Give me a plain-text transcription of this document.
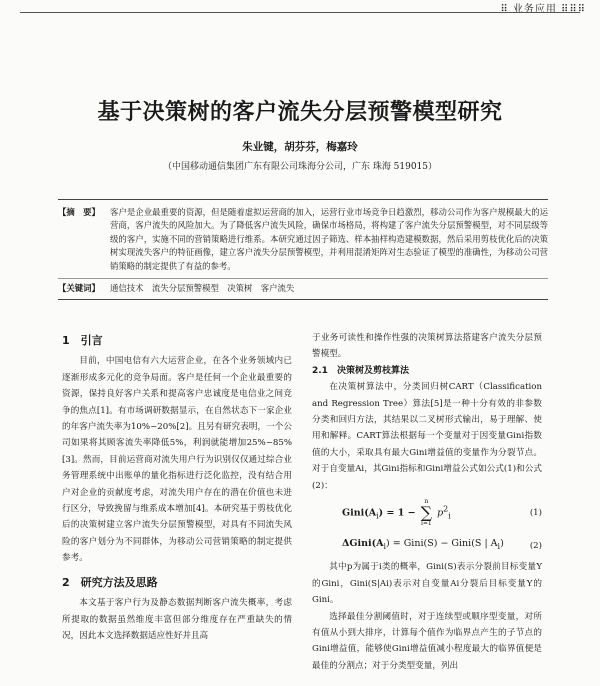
⠿ 业务应用 ⠿⠿⠿
基于决策树的客户流失分层预警模型研究
朱业键，胡芬芬，梅嘉玲
（中国移动通信集团广东有限公司珠海分公司，广东 珠海 519015）
【摘　要】	客户是企业最重要的资源，但是随着虚拟运营商的加入，运营行业市场竞争日趋激烈，移动公司作为客户规模最大的运营商，客户流失的风险加大。为了降低客户流失风险，确保市场格局，将构建了客户流失分层预警模型，对不同层级等级的客户，实施不同的营销策略进行维系。本研究通过因子筛选、样本抽样构造建模数据，然后采用剪枝优化后的决策树实现流失客户的特征画像，建立客户流失分层预警模型，并利用混淆矩阵对生态验证了模型的准确性，为移动公司营销策略的制定提供了有益的参考。
【关键词】	通信技术　流失分层预警模型　决策树　客户流失
1　引言

目前，中国电信有六大运营企业，在各个业务领域内已逐渐形成多元化的竞争局面。客户是任何一个企业最重要的资源，保持良好客户关系和提高客户忠诚度是电信业之间竞争的焦点[1]。有市场调研数据显示，在自然状态下一家企业的年客户流失率为10%~20%[2]。且另有研究表明，一个公司如果将其顾客流失率降低5%，利润就能增加25%~85%[3]。然而，目前运营商对流失用户行为识别仅仅通过综合业务管理系统中出账单的量化指标进行泛化监控，没有结合用户对企业的贡献度考虑，对流失用户存在的潜在价值也未进行区分，导致挽留与维系成本增加[4]。本研究基于剪枝优化后的决策树建立客户流失分层预警模型，对具有不同流失风险的客户划分为不同群体，为移动公司营销策略的制定提供参考。

2　研究方法及思路

本文基于客户行为及静态数据判断客户流失概率，考虑所提取的数据虽然维度丰富但部分维度存在严重缺失的情况，因此本文选择数据适应性好并且高

于业务可读性和操作性强的决策树算法搭建客户流失分层预警模型。

2.1　决策树及剪枝算法

在决策树算法中，分类回归树CART（Classification and Regression Tree）算法[5]是一种十分有效的非参数分类和回归方法，其结果以二叉树形式输出，易于理解、使用和解释。CART算法根据每一个变量对于因变量Gini指数值的大小，采取具有最大Gini增益值的变量作为分裂节点。对于自变量Ai，其Gini指标和Gini增益公式如公式(1)和公式(2)：

$Gini(A_i) = 1$ −
n
∑
i=1
$p^2_i$	(1)
$\Delta Gini(A_i)$ = Gini(S) − Gini(S | $A_i$)	(2)

其中p为属于i类的概率，Gini(S)表示分裂前目标变量Y的Gini，Gini(S|Ai)表示对自变量Ai分裂后目标变量Y的Gini。

选择最佳分割阈值时，对于连续型或顺序型变量，对所有值从小到大排序，计算每个值作为临界点产生的子节点的Gini增益值，能够使Gini增益值减小程度最大的临界值便是最佳的分割点；对于分类型变量，列出
